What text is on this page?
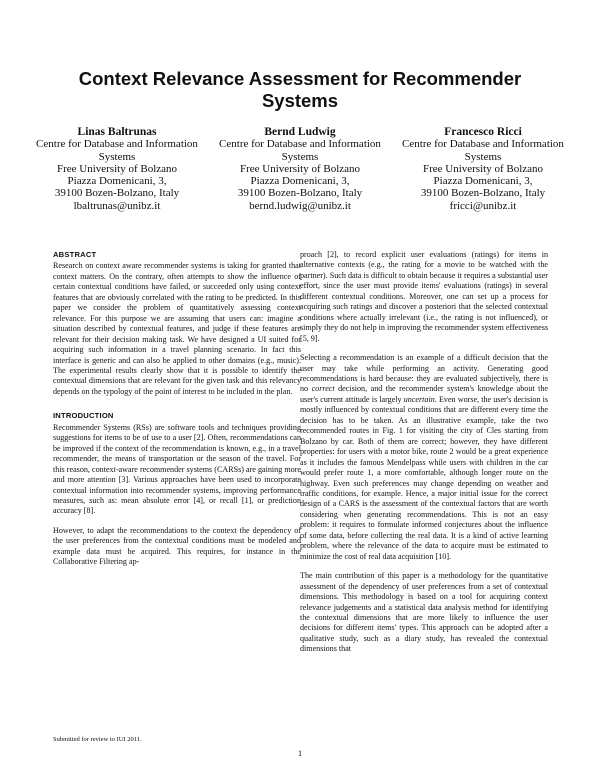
Context Relevance Assessment for Recommender Systems
Linas Baltrunas
Centre for Database and Information Systems
Free University of Bolzano
Piazza Domenicani, 3,
39100 Bozen-Bolzano, Italy
lbaltrunas@unibz.it
Bernd Ludwig
Centre for Database and Information Systems
Free University of Bolzano
Piazza Domenicani, 3,
39100 Bozen-Bolzano, Italy
bernd.ludwig@unibz.it
Francesco Ricci
Centre for Database and Information Systems
Free University of Bolzano
Piazza Domenicani, 3,
39100 Bozen-Bolzano, Italy
fricci@unibz.it
ABSTRACT

Research on context aware recommender systems is taking for granted that context matters. On the contrary, often attempts to show the influence of certain contextual conditions have failed, or succeeded only using context features that are obviously correlated with the rating to be predicted. In this paper we consider the problem of quantitatively assessing context relevance. For this purpose we are assuming that users can: imagine a situation described by contextual features, and judge if these features are relevant for their decision making task. We have designed a UI suited for acquiring such information in a travel planning scenario. In fact this interface is generic and can also be applied to other domains (e.g., music). The experimental results clearly show that it is possible to identify the contextual dimensions that are relevant for the given task and this relevancy depends on the typology of the point of interest to be included in the plan.

INTRODUCTION

Recommender Systems (RSs) are software tools and techniques providing suggestions for items to be of use to a user [2]. Often, recommendations can be improved if the context of the recommendation is known, e.g., in a travel recommender, the means of transportation or the season of the travel. For this reason, context-aware recommender systems (CARSs) are gaining more and more attention [3]. Various approaches have been used to incorporate contextual information into recommender systems, improving performance measures, such as: mean absolute error [4], or recall [1], or prediction accuracy [8].

However, to adapt the recommendations to the context the dependency of the user preferences from the contextual conditions must be modeled and example data must be acquired. This requires, for instance in the Collaborative Filtering ap-

proach [2], to record explicit user evaluations (ratings) for items in alternative contexts (e.g., the rating for a movie to be watched with the partner). Such data is difficult to obtain because it requires a substantial user effort, since the user must provide items' evaluations (ratings) in several different contextual conditions. Moreover, one can set up a process for acquiring such ratings and discover a posteriori that the selected contextual conditions where actually irrelevant (i.e., the rating is not influenced), or simply they do not help in improving the recommender system effectiveness [5, 9].

Selecting a recommendation is an example of a difficult decision that the user may take while performing an activity. Generating good recommendations is hard because: they are evaluated subjectively, there is no correct decision, and the recommender system's knowledge about the user's current attitude is largely uncertain. Even worse, the user's decision is mostly influenced by contextual conditions that are different every time the decision has to be taken. As an illustrative example, take the two recommended routes in Fig. 1 for visiting the city of Cles starting from Bolzano by car. Both of them are correct; however, they have different properties: for users with a motor bike, route 2 would be a great experience as it includes the famous Mendelpass while users with children in the car would prefer route 1, a more comfortable, although longer route on the highway. Even such preferences may change depending on weather and traffic conditions, for example. Hence, a major initial issue for the correct design of a CARS is the assessment of the contextual factors that are worth considering when generating recommendations. This is not an easy problem: it requires to formulate informed conjectures about the influence of some data, before collecting the real data. It is a kind of active learning problem, where the relevance of the data to acquire must be estimated to minimize the cost of real data acquisition [10].

The main contribution of this paper is a methodology for the quantitative assessment of the dependency of user preferences from a set of contextual dimensions. This methodology is based on a tool for acquiring context relevance judgements and a statistical data analysis method for identifying the contextual dimensions that are more likely to influence the user decisions for different items' types. This approach can be adopted after a qualitative study, such as a diary study, has revealed the contextual dimensions that

Submitted for review to IUI 2011.
1
